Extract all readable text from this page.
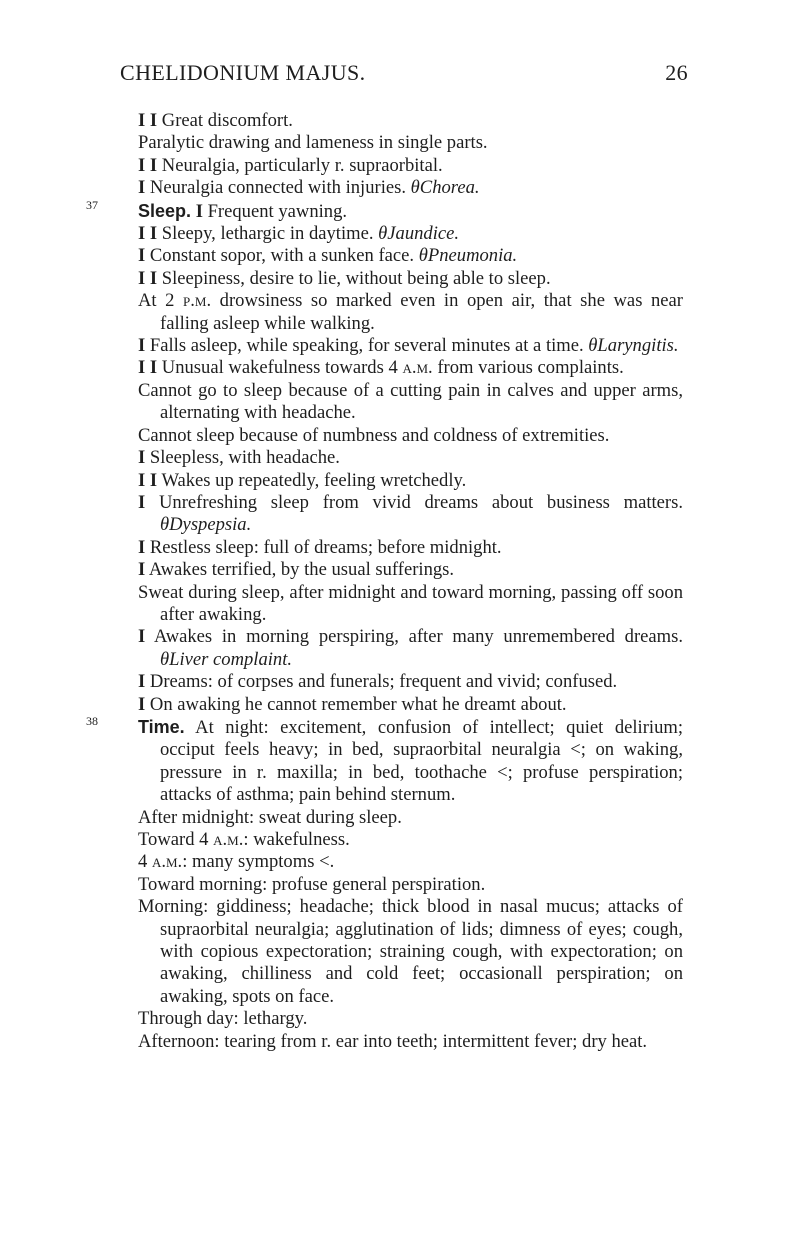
CHELIDONIUM MAJUS.	26
I I Great discomfort.
Paralytic drawing and lameness in single parts.
I I Neuralgia, particularly r. supraorbital.
I Neuralgia connected with injuries. θChorea.
37	Sleep. I Frequent yawning.
I I Sleepy, lethargic in daytime. θJaundice.
I Constant sopor, with a sunken face. θPneumonia.
I I Sleepiness, desire to lie, without being able to sleep.
At 2 p.m. drowsiness so marked even in open air, that she was near falling asleep while walking.
I Falls asleep, while speaking, for several minutes at a time. θLaryngitis.
I I Unusual wakefulness towards 4 a.m. from various complaints.
Cannot go to sleep because of a cutting pain in calves and upper arms, alternating with headache.
Cannot sleep because of numbness and coldness of extremities.
I Sleepless, with headache.
I I Wakes up repeatedly, feeling wretchedly.
I Unrefreshing sleep from vivid dreams about business matters. θDyspepsia.
I Restless sleep: full of dreams; before midnight.
I Awakes terrified, by the usual sufferings.
Sweat during sleep, after midnight and toward morning, passing off soon after awaking.
I Awakes in morning perspiring, after many unremembered dreams. θLiver complaint.
I Dreams: of corpses and funerals; frequent and vivid; confused.
I On awaking he cannot remember what he dreamt about.
38	Time. At night: excitement, confusion of intellect; quiet delirium; occiput feels heavy; in bed, supraorbital neuralgia <; on waking, pressure in r. maxilla; in bed, toothache <; profuse perspiration; attacks of asthma; pain behind sternum.
After midnight: sweat during sleep.
Toward 4 a.m.: wakefulness.
4 a.m.: many symptoms <.
Toward morning: profuse general perspiration.
Morning: giddiness; headache; thick blood in nasal mucus; attacks of supraorbital neuralgia; agglutination of lids; dimness of eyes; cough, with copious expectoration; straining cough, with expectoration; on awaking, chilliness and cold feet; occasionall perspiration; on awaking, spots on face.
Through day: lethargy.
Afternoon: tearing from r. ear into teeth; intermittent fever; dry heat.
